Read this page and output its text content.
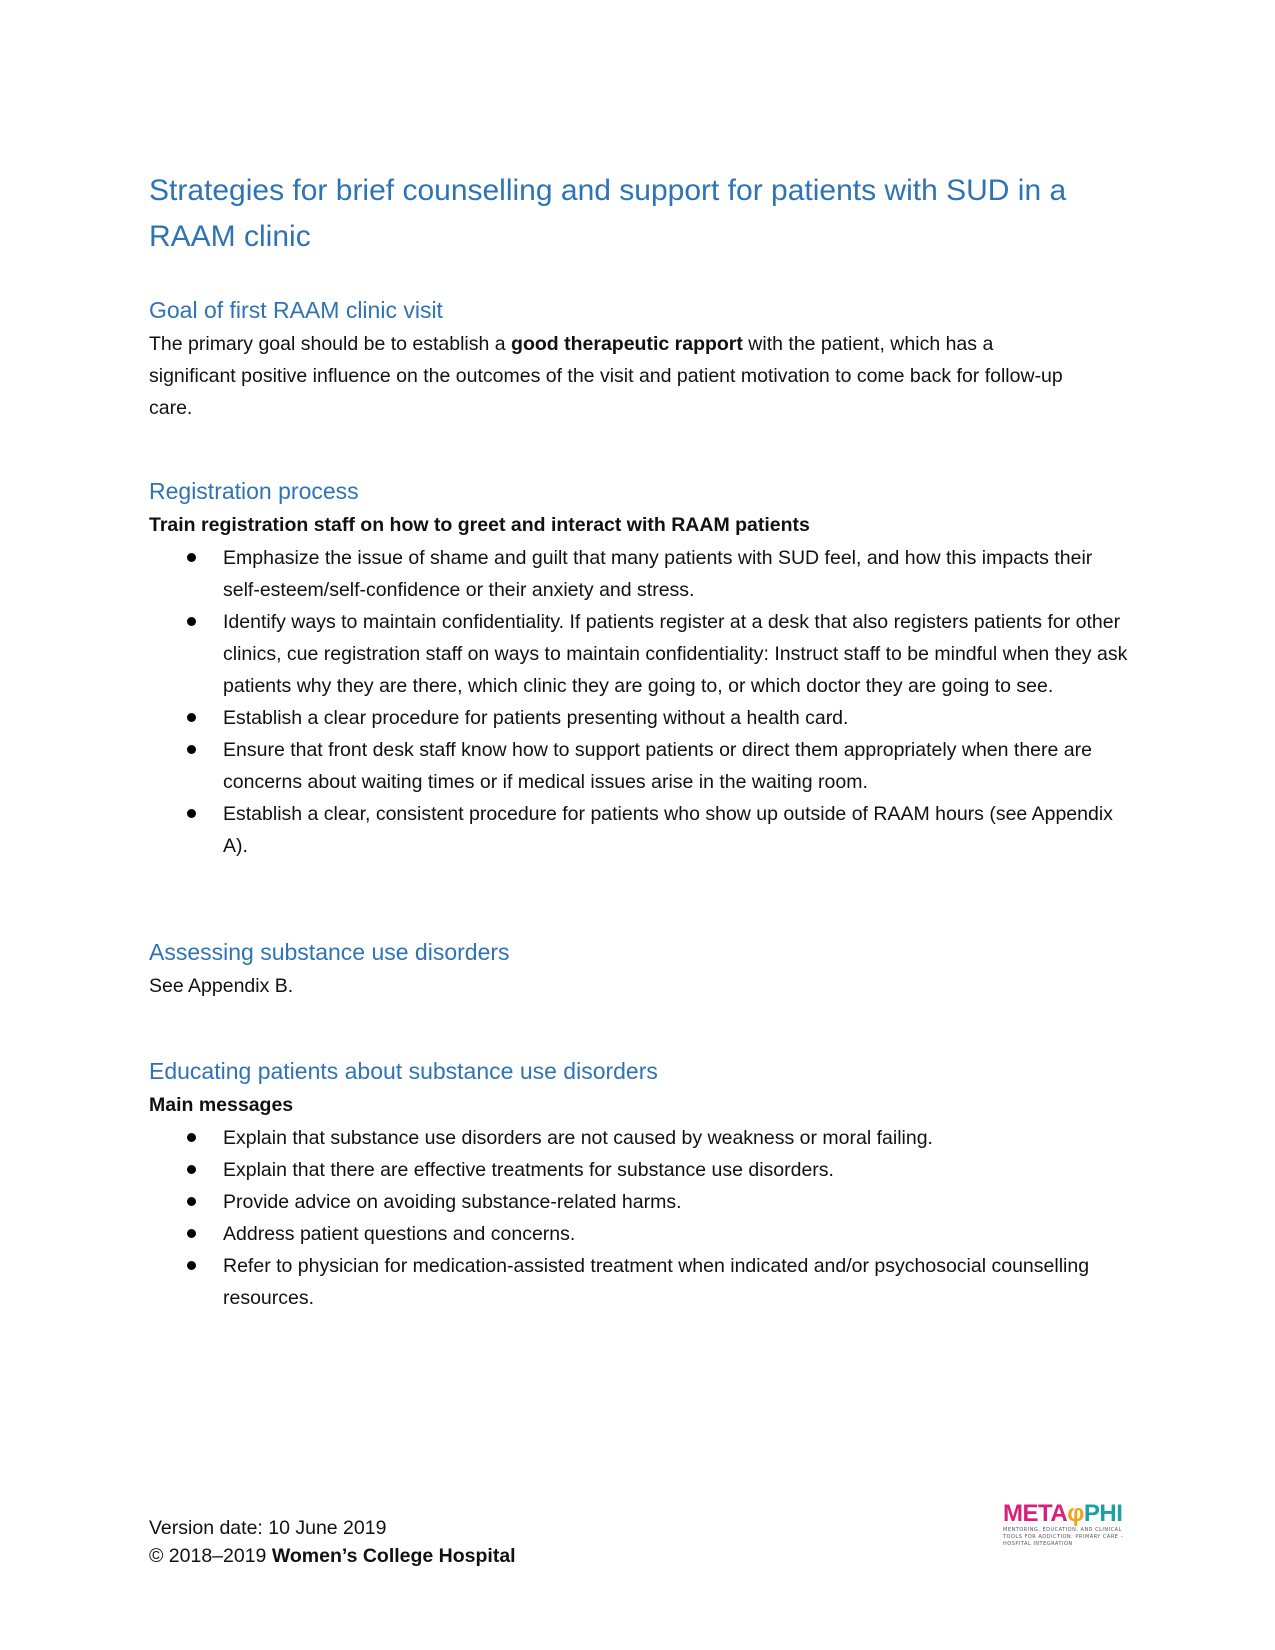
Strategies for brief counselling and support for patients with SUD in a RAAM clinic
Goal of first RAAM clinic visit

The primary goal should be to establish a good therapeutic rapport with the patient, which has a significant positive influence on the outcomes of the visit and patient motivation to come back for follow-up care.

Registration process

Train registration staff on how to greet and interact with RAAM patients

Emphasize the issue of shame and guilt that many patients with SUD feel, and how this impacts their self-esteem/self-confidence or their anxiety and stress.
Identify ways to maintain confidentiality. If patients register at a desk that also registers patients for other clinics, cue registration staff on ways to maintain confidentiality: Instruct staff to be mindful when they ask patients why they are there, which clinic they are going to, or which doctor they are going to see.
Establish a clear procedure for patients presenting without a health card.
Ensure that front desk staff know how to support patients or direct them appropriately when there are concerns about waiting times or if medical issues arise in the waiting room.
Establish a clear, consistent procedure for patients who show up outside of RAAM hours (see Appendix A).
Assessing substance use disorders

See Appendix B.

Educating patients about substance use disorders

Main messages

Explain that substance use disorders are not caused by weakness or moral failing.
Explain that there are effective treatments for substance use disorders.
Provide advice on avoiding substance-related harms.
Address patient questions and concerns.
Refer to physician for medication-assisted treatment when indicated and/or psychosocial counselling resources.
Version date: 10 June 2019
© 2018–2019 Women’s College Hospital
METAφPHI
MENTORING, EDUCATION, AND CLINICAL TOOLS FOR ADDICTION: PRIMARY CARE – HOSPITAL INTEGRATION
